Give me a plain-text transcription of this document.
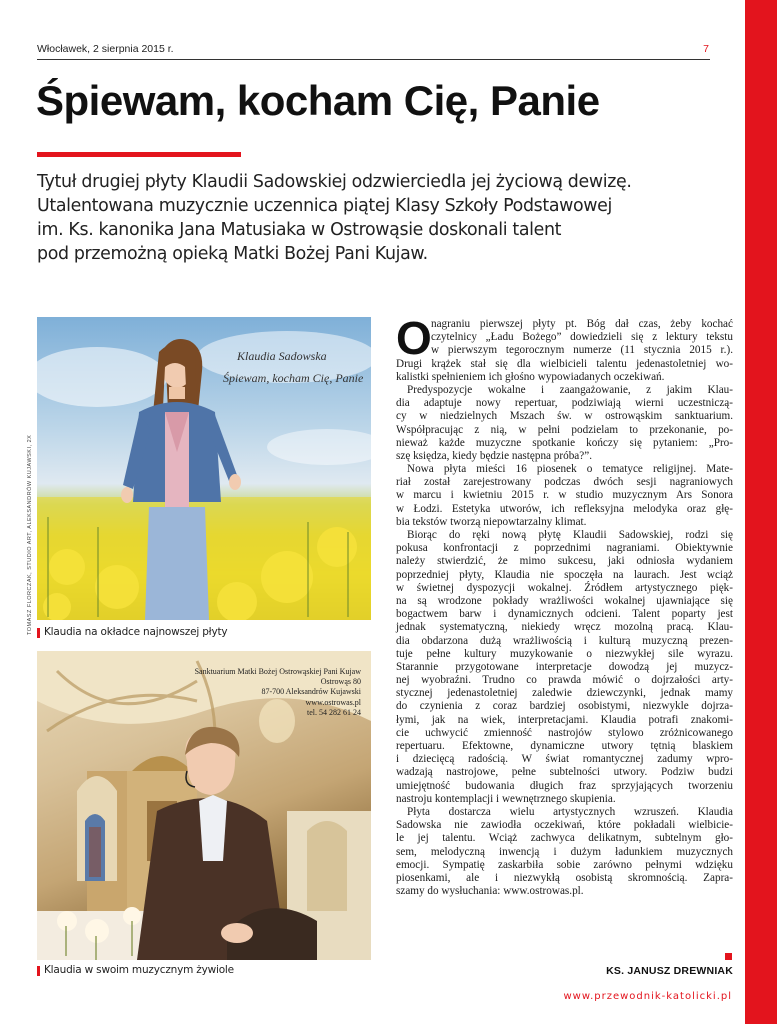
Włocławek, 2 sierpnia 2015 r.	7
Śpiewam, kocham Cię, Panie
Tytuł drugiej płyty Klaudii Sadowskiej odzwierciedla jej życiową dewizę.
Utalentowana muzycznie uczennica piątej Klasy Szkoły Podstawowej
im. Ks. kanonika Jana Matusiaka w Ostrowąsie doskonali talent
pod przemożną opieką Matki Bożej Pani Kujaw.
Klaudia Sadowska
Śpiewam, kocham Cię, Panie
TOMASZ FLORCZAK, STUDIO ART, ALEKSANDRÓW KUJAWSKI, 2X	Klaudia na okładce najnowszej płyty
Sanktuarium Matki Bożej Ostrowąskiej Pani Kujaw
Ostrowąs 80
87-700 Aleksandrów Kujawski
www.ostrowas.pl
tel. 54 282 61 24
Klaudia w swoim muzycznym żywiole
O nagraniu pierwszej płyty pt. Bóg dał czas, żeby kochać
czytelnicy „Ładu Bożego” dowiedzieli się z lektury tekstu
w pierwszym tegorocznym numerze (11 stycznia 2015 r.).
Drugi krążek stał się dla wielbicieli talentu jedenastoletniej wo-
kalistki spełnieniem ich głośno wypowiadanych oczekiwań.
Predyspozycje wokalne i zaangażowanie, z jakim Klau-
dia adaptuje nowy repertuar, podziwiają wierni uczestniczą-
cy w niedzielnych Mszach św. w ostrowąskim sanktuarium.
Współpracując z nią, w pełni podzielam to przekonanie, po-
nieważ każde muzyczne spotkanie kończy się pytaniem: „Pro-
szę księdza, kiedy będzie następna próba?”.
Nowa płyta mieści 16 piosenek o tematyce religijnej. Mate-
riał został zarejestrowany podczas dwóch sesji nagraniowych
w marcu i kwietniu 2015 r. w studio muzycznym Ars Sonora
w Łodzi. Estetyka utworów, ich refleksyjna melodyka oraz głę-
bia tekstów tworzą niepowtarzalny klimat.
Biorąc do ręki nową płytę Klaudii Sadowskiej, rodzi się
pokusa konfrontacji z poprzednimi nagraniami. Obiektywnie
należy stwierdzić, że mimo sukcesu, jaki odniosła wydaniem
poprzedniej płyty, Klaudia nie spoczęła na laurach. Jest wciąż
w świetnej dyspozycji wokalnej. Źródłem artystycznego pięk-
na są wrodzone pokłady wrażliwości wokalnej ujawniające się
bogactwem barw i dynamicznych odcieni. Talent poparty jest
jednak systematyczną, niekiedy wręcz mozolną pracą. Klau-
dia obdarzona dużą wrażliwością i kulturą muzyczną prezen-
tuje pełne kultury muzykowanie o niezwykłej sile wyrazu.
Starannie przygotowane interpretacje dowodzą jej muzycz-
nej wyobraźni. Trudno co prawda mówić o dojrzałości arty-
stycznej jedenastoletniej zaledwie dziewczynki, jednak mamy
do czynienia z coraz bardziej osobistymi, niezwykle dojrza-
łymi, jak na wiek, interpretacjami. Klaudia potrafi znakomi-
cie uchwycić zmienność nastrojów stylowo zróżnicowanego
repertuaru. Efektowne, dynamiczne utwory tętnią blaskiem
i dziecięcą radością. W świat romantycznej zadumy wpro-
wadzają nastrojowe, pełne subtelności utwory. Podziw budzi
umiejętność budowania długich fraz sprzyjających tworzeniu
nastroju kontemplacji i wewnętrznego skupienia.
Płyta dostarcza wielu artystycznych wzruszeń. Klaudia
Sadowska nie zawiodła oczekiwań, które pokładali wielbicie-
le jej talentu. Wciąż zachwyca delikatnym, subtelnym gło-
sem, melodyczną inwencją i dużym ładunkiem muzycznych
emocji. Sympatię zaskarbiła sobie zarówno pełnymi wdzięku
piosenkami, ale i niezwykłą osobistą skromnością. Zapra-
szamy do wysłuchania: www.ostrowas.pl.
KS. JANUSZ DREWNIAK
www.przewodnik-katolicki.pl
